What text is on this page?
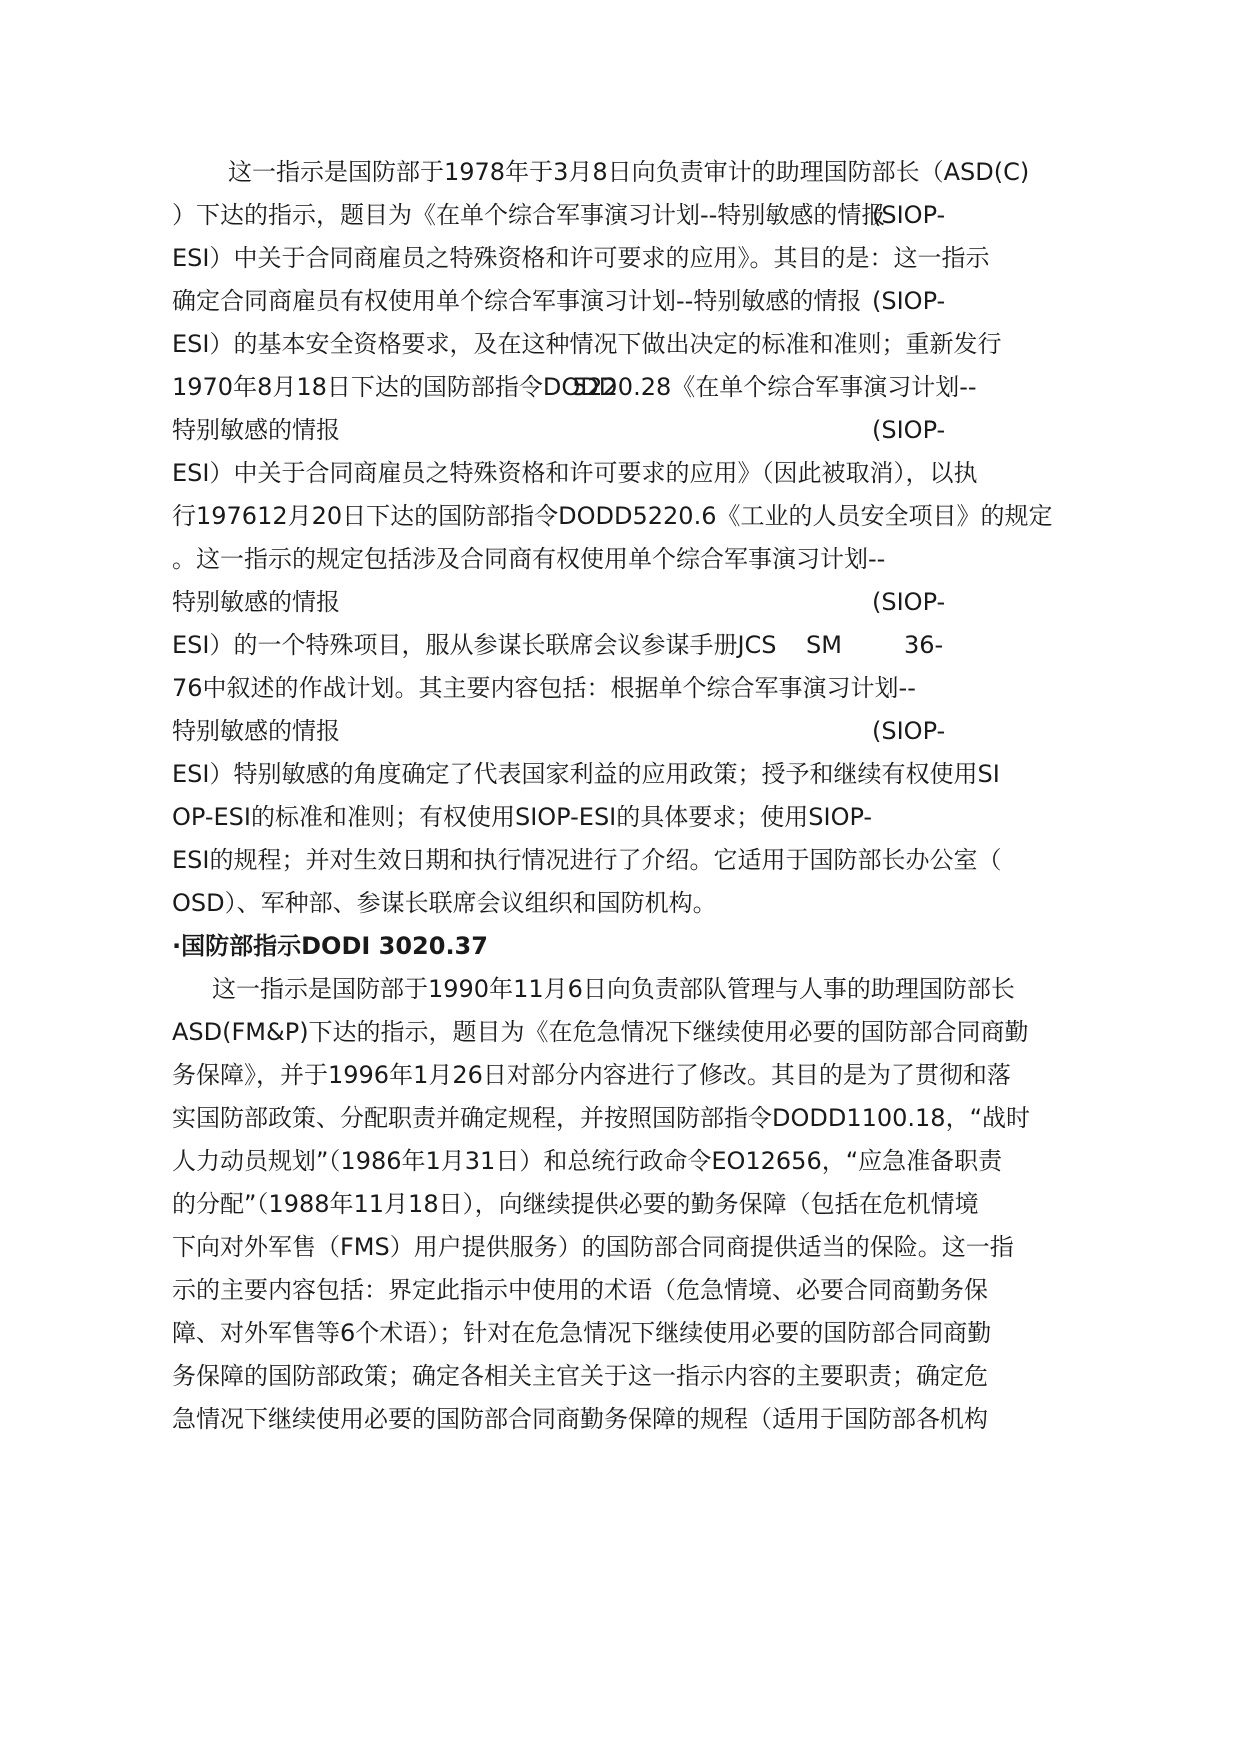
这一指示是国防部于1978年于3月8日向负责审计的助理国防部长（ASD(C)

）下达的指示，题目为《在单个综合军事演习计划--特别敏感的情报

(SIOP-

ESI）中关于合同商雇员之特殊资格和许可要求的应用》。其目的是：这一指示

确定合同商雇员有权使用单个综合军事演习计划--特别敏感的情报

(SIOP-

ESI）的基本安全资格要求，及在这种情况下做出决定的标准和准则；重新发行

1970年8月18日下达的国防部指令DODD

5220.28《在单个综合军事演习计划--

特别敏感的情报

	(SIOP-

ESI）中关于合同商雇员之特殊资格和许可要求的应用》（因此被取消），以执

行197612月20日下达的国防部指令DODD5220.6《工业的人员安全项目》的规定

。这一指示的规定包括涉及合同商有权使用单个综合军事演习计划--

特别敏感的情报

	(SIOP-

ESI）的一个特殊项目，服从参谋长联席会议参谋手册JCS

SM

	36-

76中叙述的作战计划。其主要内容包括：根据单个综合军事演习计划--

特别敏感的情报

	(SIOP-

ESI）特别敏感的角度确定了代表国家利益的应用政策；授予和继续有权使用SI

OP-ESI的标准和准则；有权使用SIOP-ESI的具体要求；使用SIOP-

ESI的规程；并对生效日期和执行情况进行了介绍。它适用于国防部长办公室（

OSD）、军种部、参谋长联席会议组织和国防机构。

·国防部指示DODI 3020.37

这一指示是国防部于1990年11月6日向负责部队管理与人事的助理国防部长

ASD(FM&P)下达的指示，题目为《在危急情况下继续使用必要的国防部合同商勤

务保障》，并于1996年1月26日对部分内容进行了修改。其目的是为了贯彻和落

实国防部政策、分配职责并确定规程，并按照国防部指令DODD1100.18，“战时

人力动员规划”（1986年1月31日）和总统行政命令EO12656，“应急准备职责

的分配”（1988年11月18日），向继续提供必要的勤务保障（包括在危机情境

下向对外军售（FMS）用户提供服务）的国防部合同商提供适当的保险。这一指

示的主要内容包括：界定此指示中使用的术语（危急情境、必要合同商勤务保

障、对外军售等6个术语）；针对在危急情况下继续使用必要的国防部合同商勤

务保障的国防部政策；确定各相关主官关于这一指示内容的主要职责；确定危

急情况下继续使用必要的国防部合同商勤务保障的规程（适用于国防部各机构
